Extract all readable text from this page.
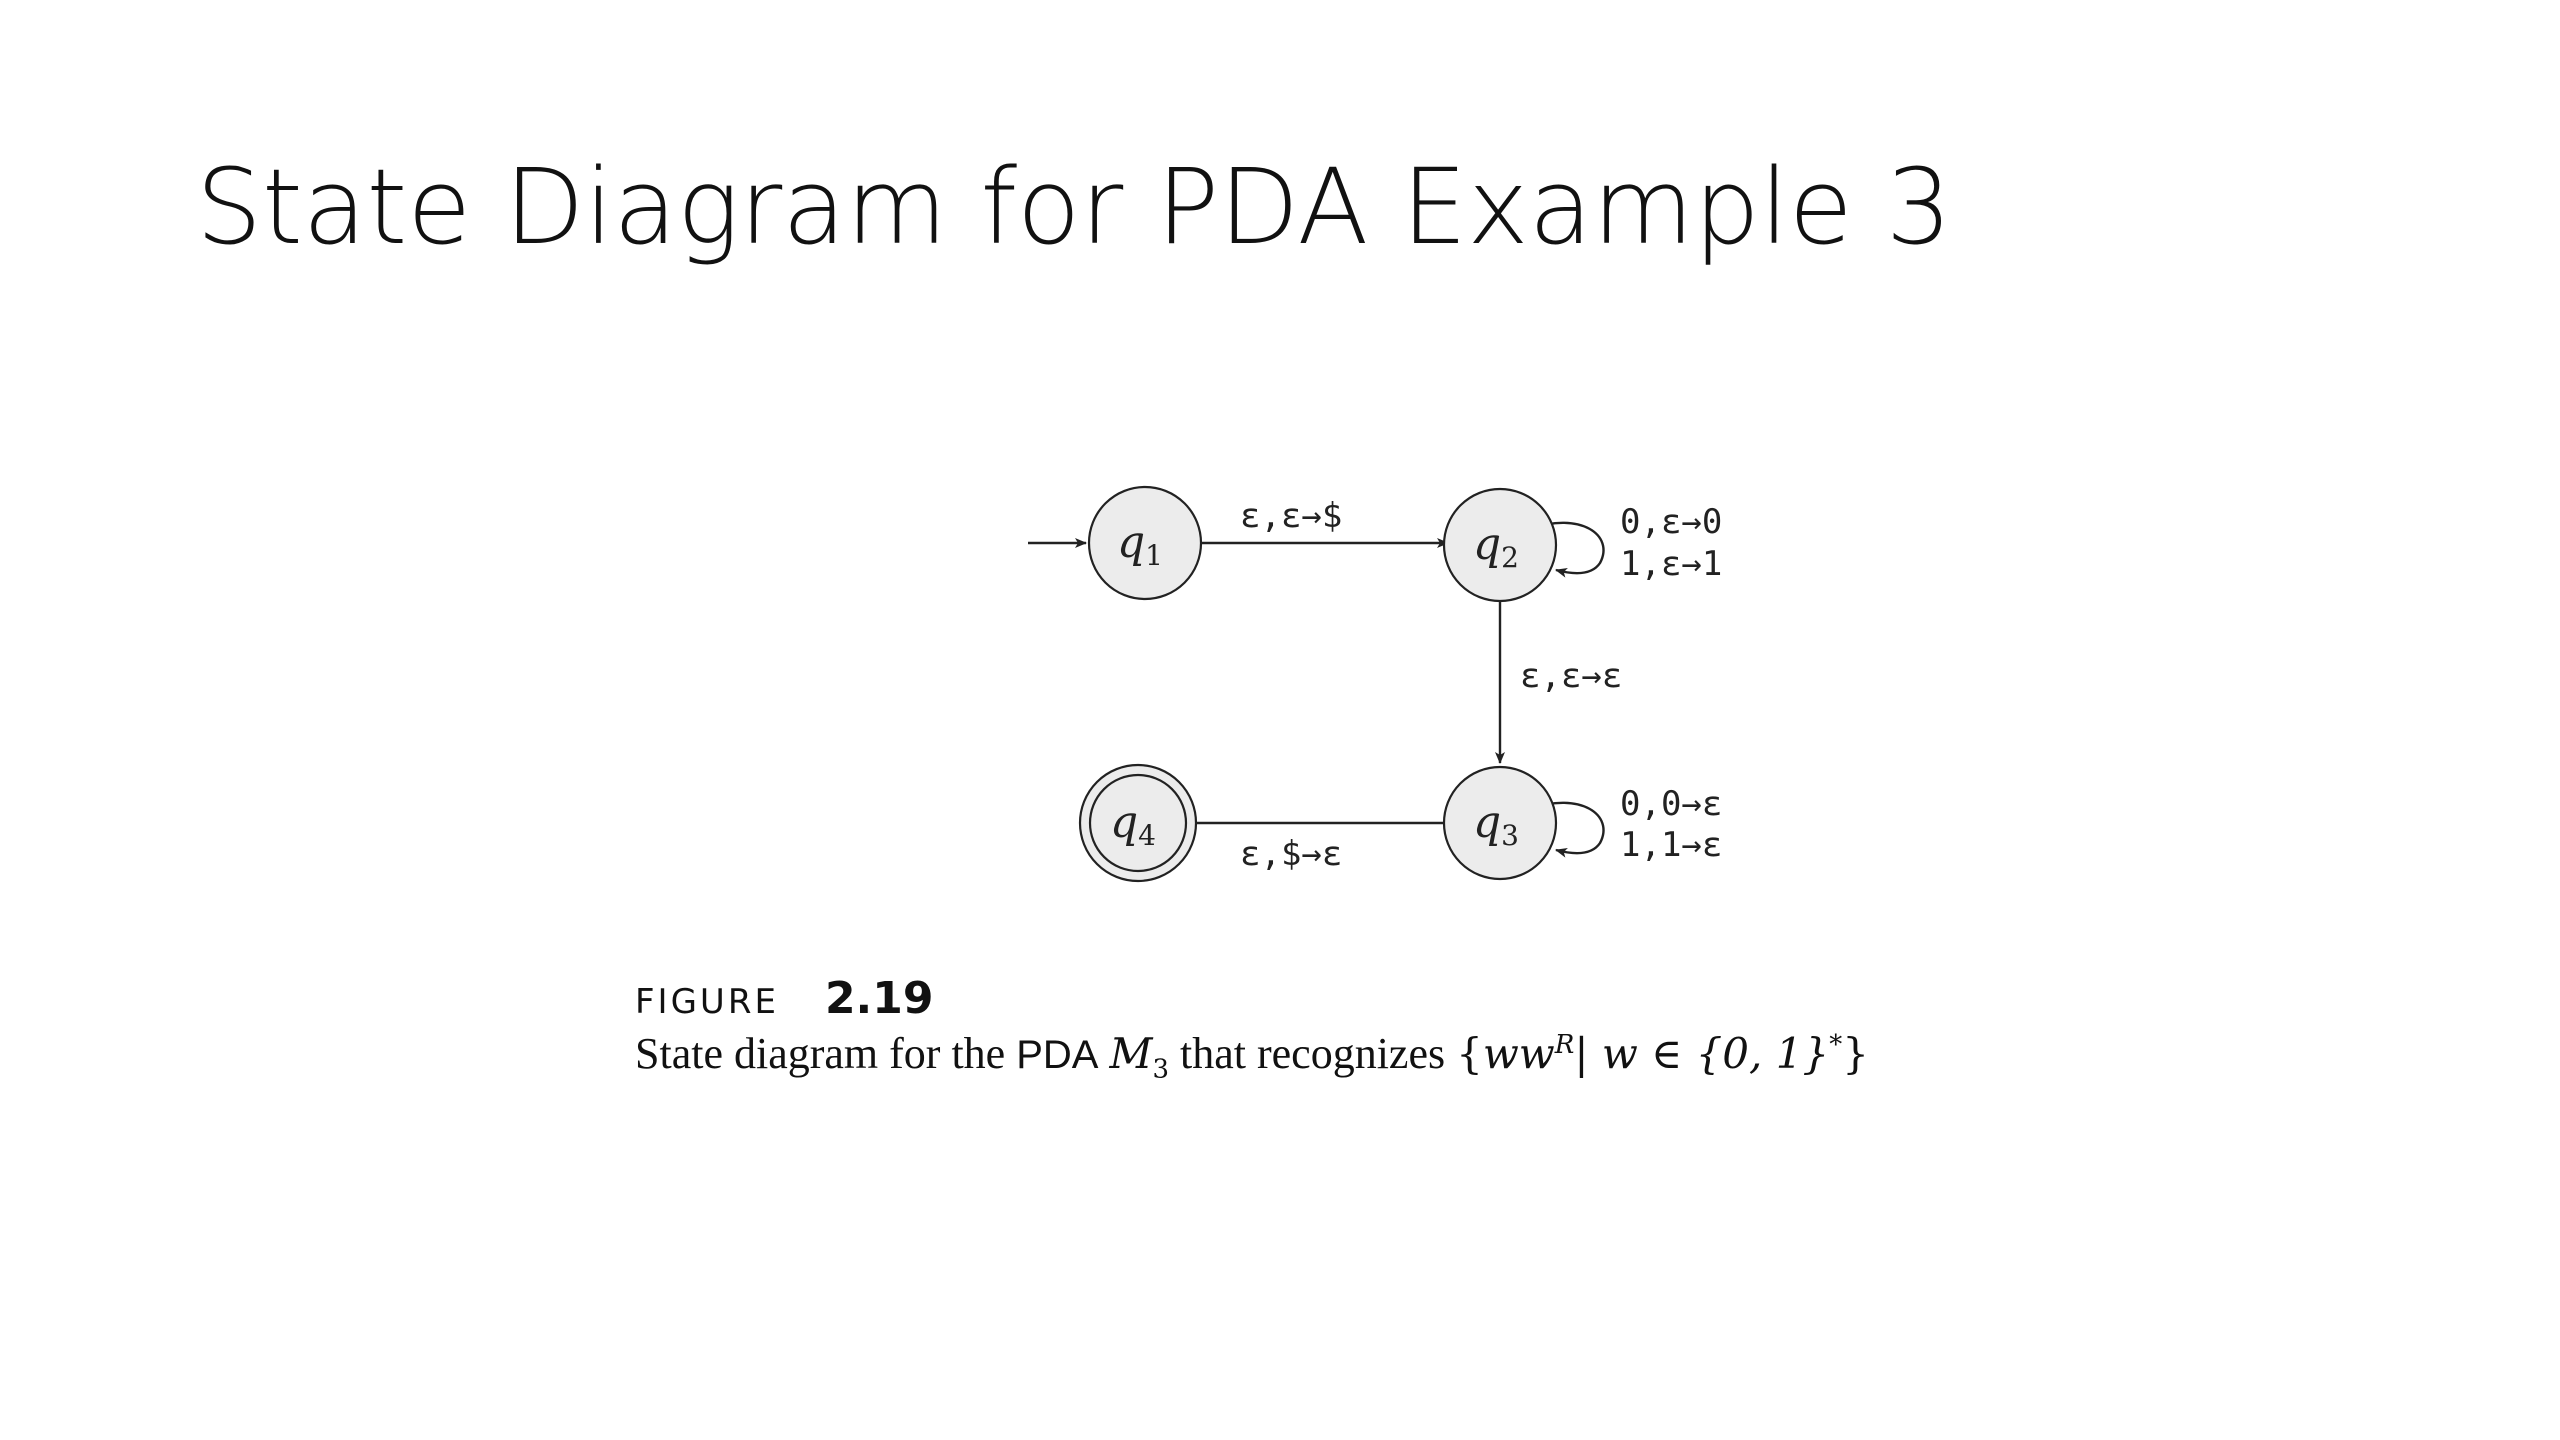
State Diagram for PDA Example 3
ε,ε→$	0,ε→0
1,ε→1
ε,ε→ε
0,0→ε
1,1→ε
ε,$→ε
q1	q2
q3
q4
FIGURE 2.19
State diagram for the PDA $M_3$ that recognizes {$ww^R|$ w ∈ {0, 1}*}
